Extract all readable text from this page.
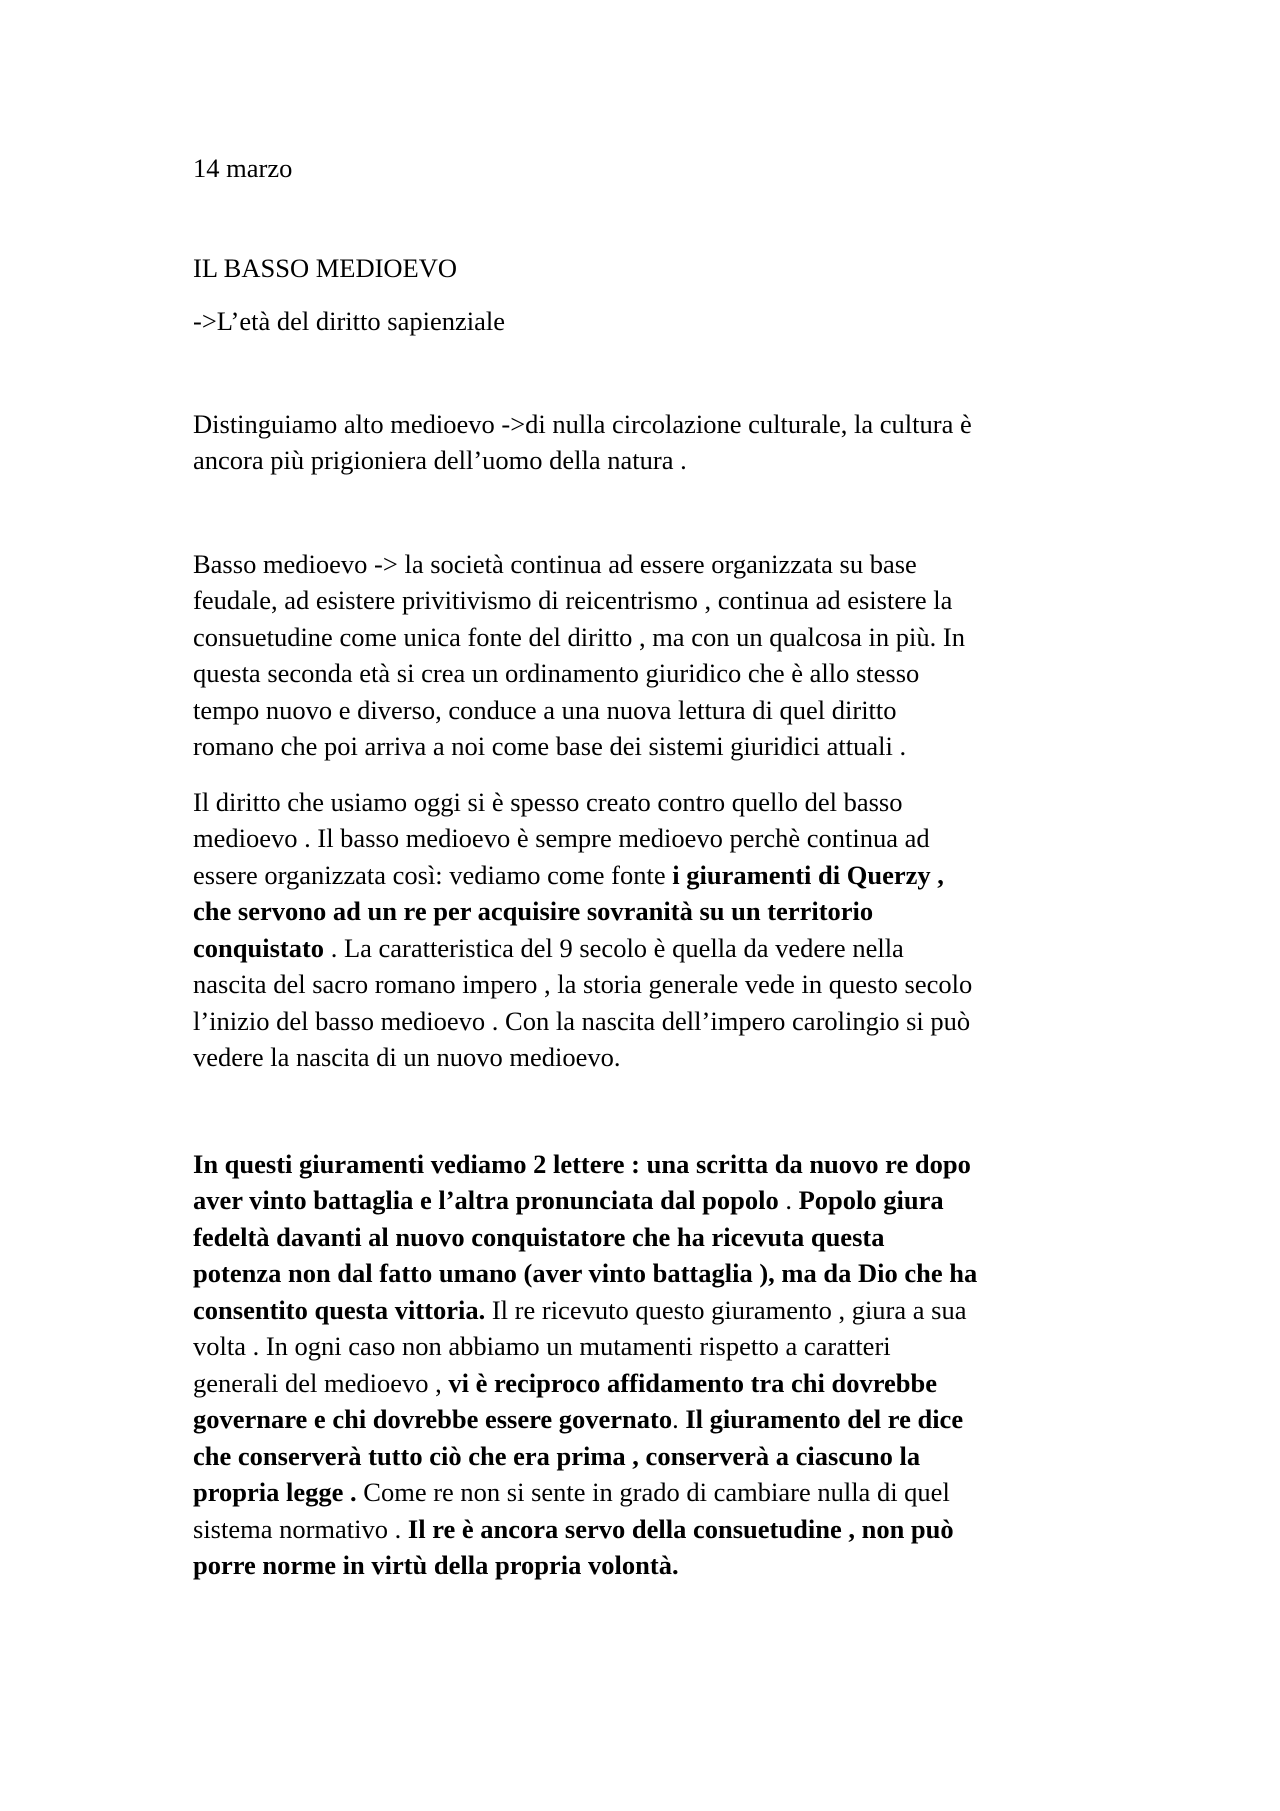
14 marzo

IL BASSO MEDIOEVO

->L’età del diritto sapienziale

Distinguiamo alto medioevo ->di nulla circolazione culturale, la cultura è

ancora più prigioniera dell’uomo della natura .

Basso medioevo -> la società continua ad essere organizzata su base

feudale, ad esistere privitivismo di reicentrismo , continua ad esistere la

consuetudine come unica fonte del diritto , ma con un qualcosa in più. In

questa seconda età si crea un ordinamento giuridico che è allo stesso

tempo nuovo e diverso, conduce a una nuova lettura di quel diritto

romano che poi arriva a noi come base dei sistemi giuridici attuali .

Il diritto che usiamo oggi si è spesso creato contro quello del basso

medioevo . Il basso medioevo è sempre medioevo perchè continua ad

essere organizzata così: vediamo come fonte i giuramenti di Querzy ,

che servono ad un re per acquisire sovranità su un territorio

conquistato . La caratteristica del 9 secolo è quella da vedere nella

nascita del sacro romano impero , la storia generale vede in questo secolo

l’inizio del basso medioevo . Con la nascita dell’impero carolingio si può

vedere la nascita di un nuovo medioevo.

In questi giuramenti vediamo 2 lettere : una scritta da nuovo re dopo

aver vinto battaglia e l’altra pronunciata dal popolo . Popolo giura

fedeltà davanti al nuovo conquistatore che ha ricevuta questa

potenza non dal fatto umano (aver vinto battaglia ), ma da Dio che ha

consentito questa vittoria. Il re ricevuto questo giuramento , giura a sua

volta . In ogni caso non abbiamo un mutamenti rispetto a caratteri

generali del medioevo , vi è reciproco affidamento tra chi dovrebbe

governare e chi dovrebbe essere governato. Il giuramento del re dice

che conserverà tutto ciò che era prima , conserverà a ciascuno la

propria legge . Come re non si sente in grado di cambiare nulla di quel

sistema normativo . Il re è ancora servo della consuetudine , non può

porre norme in virtù della propria volontà.
